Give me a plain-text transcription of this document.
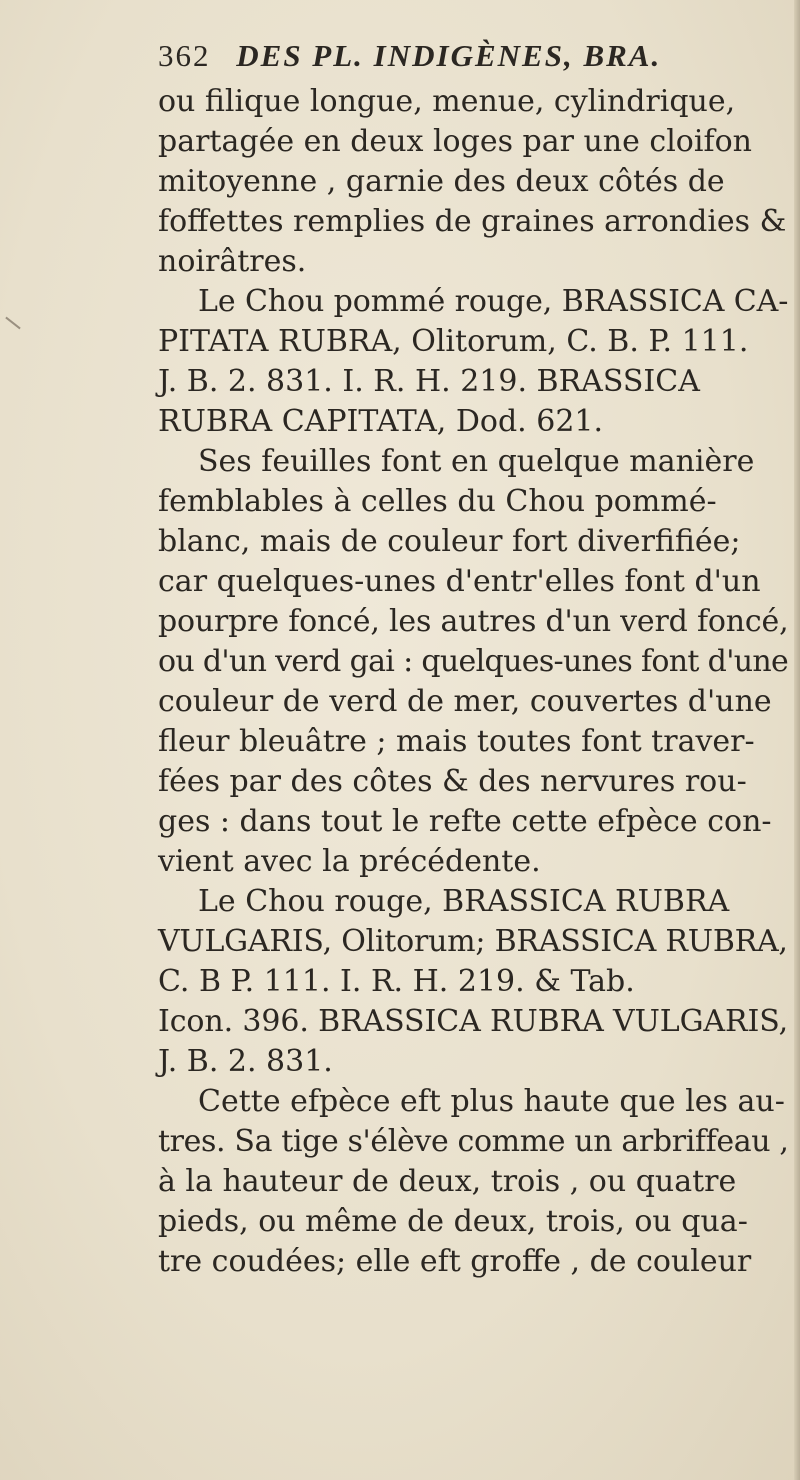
362 DES PL. INDIGÈNES, BRA.

ou filique longue, menue, cylindrique,
partagée en deux loges par une cloifon
mitoyenne , garnie des deux côtés de
foffettes remplies de graines arrondies &
noirâtres.

Le Chou pommé rouge, BRASSICA CA-
PITATA RUBRA, Olitorum, C. B. P. 111.
J. B. 2. 831. I. R. H. 219. BRASSICA
RUBRA CAPITATA, Dod. 621.

Ses feuilles font en quelque manière
femblables à celles du Chou pommé-
blanc, mais de couleur fort diverfifiée;
car quelques-unes d'entr'elles font d'un
pourpre foncé, les autres d'un verd foncé,
ou d'un verd gai : quelques-unes font d'une
couleur de verd de mer, couvertes d'une
fleur bleuâtre ; mais toutes font traver-
fées par des côtes & des nervures rou-
ges : dans tout le refte cette efpèce con-
vient avec la précédente.

Le Chou rouge, BRASSICA RUBRA
VULGARIS, Olitorum; BRASSICA RUBRA,
C. B P. 111. I. R. H. 219. & Tab.
Icon. 396. BRASSICA RUBRA VULGARIS,
J. B. 2. 831.

Cette efpèce eft plus haute que les au-
tres. Sa tige s'élève comme un arbriffeau ,
à la hauteur de deux, trois , ou quatre
pieds, ou même de deux, trois, ou qua-
tre coudées; elle eft groffe , de couleur
